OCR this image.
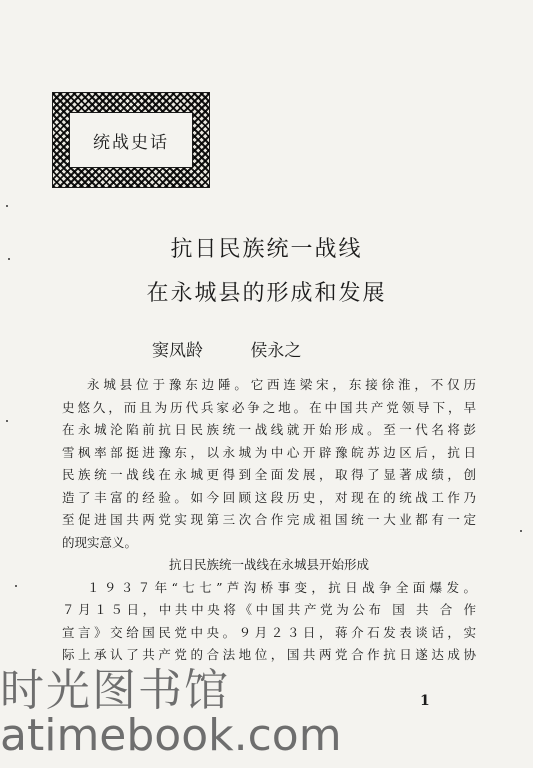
统战史话
抗日民族统一战线
在永城县的形成和发展
窦凤龄	侯永之

永城县位于豫东边陲。它西连梁宋，东接徐淮，不仅历

史悠久，而且为历代兵家必争之地。在中国共产党领导下，早

在永城沦陷前抗日民族统一战线就开始形成。至一代名将彭

雪枫率部挺进豫东，以永城为中心开辟豫皖苏边区后，抗日

民族统一战线在永城更得到全面发展，取得了显著成绩，创

造了丰富的经验。如今回顾这段历史，对现在的统战工作乃

至促进国共两党实现第三次合作完成祖国统一大业都有一定

的现实意义。

抗日民族统一战线在永城县开始形成

１９３７年“七七”芦沟桥事变，抗日战争全面爆发。

７月１５日，中共中央将《中国共产党为公布 国 共 合 作

宣言》交给国民党中央。９月２３日，蒋介石发表谈话，实

际上承认了共产党的合法地位，国共两党合作抗日遂达成协

1
时光图书馆
atimebook.com
